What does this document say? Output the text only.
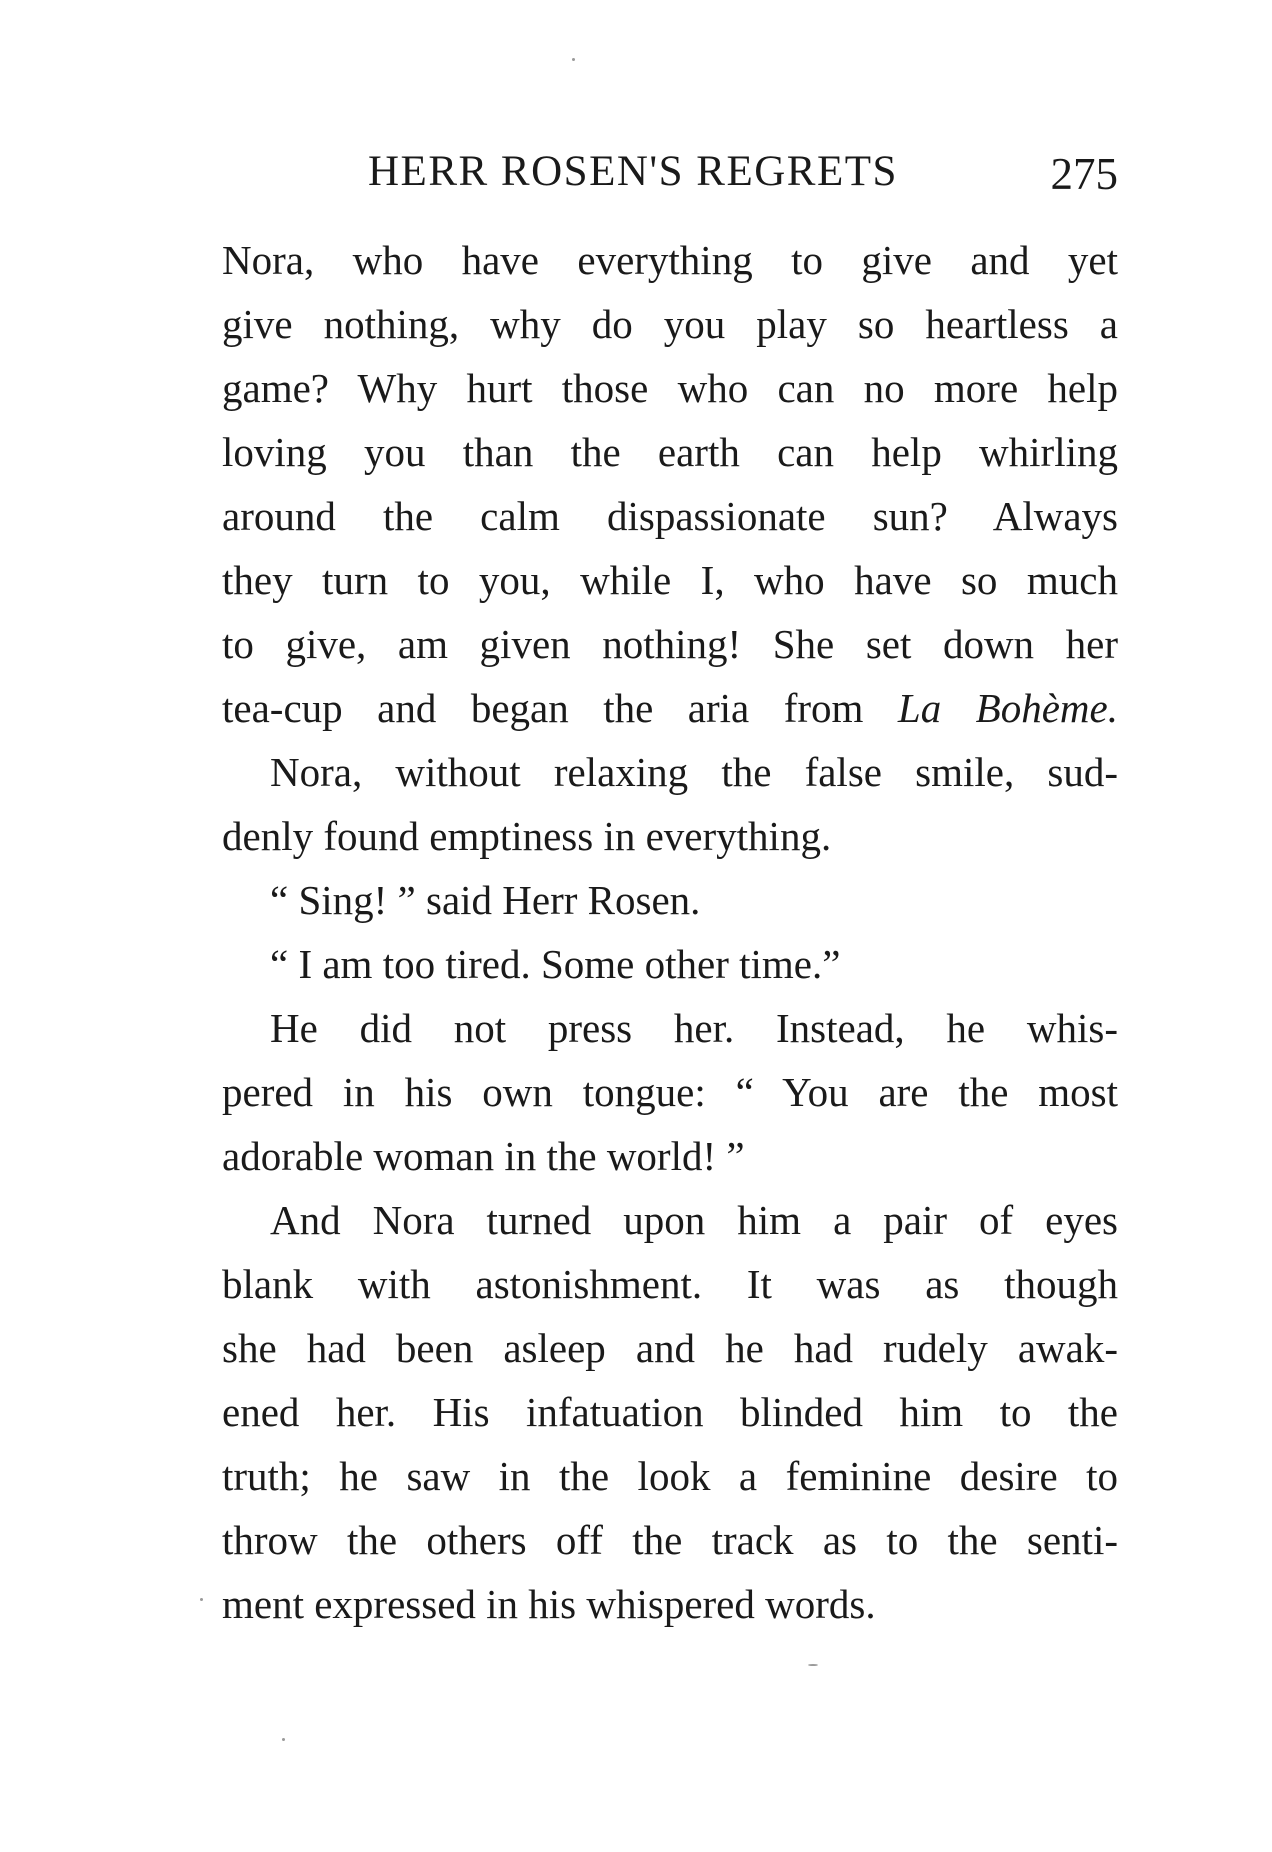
HERR ROSEN'S REGRETS	275
Nora, who have everything to give and yet
give nothing, why do you play so heartless a
game? Why hurt those who can no more help
loving you than the earth can help whirling
around the calm dispassionate sun? Always
they turn to you, while I, who have so much
to give, am given nothing! She set down her
tea-cup and began the aria from La Bohème.
Nora, without relaxing the false smile, sud-
denly found emptiness in everything.
“ Sing! ” said Herr Rosen.
“ I am too tired. Some other time.”
He did not press her. Instead, he whis-
pered in his own tongue: “ You are the most
adorable woman in the world! ”
And Nora turned upon him a pair of eyes
blank with astonishment. It was as though
she had been asleep and he had rudely awak-
ened her. His infatuation blinded him to the
truth; he saw in the look a feminine desire to
throw the others off the track as to the senti-
ment expressed in his whispered words.
